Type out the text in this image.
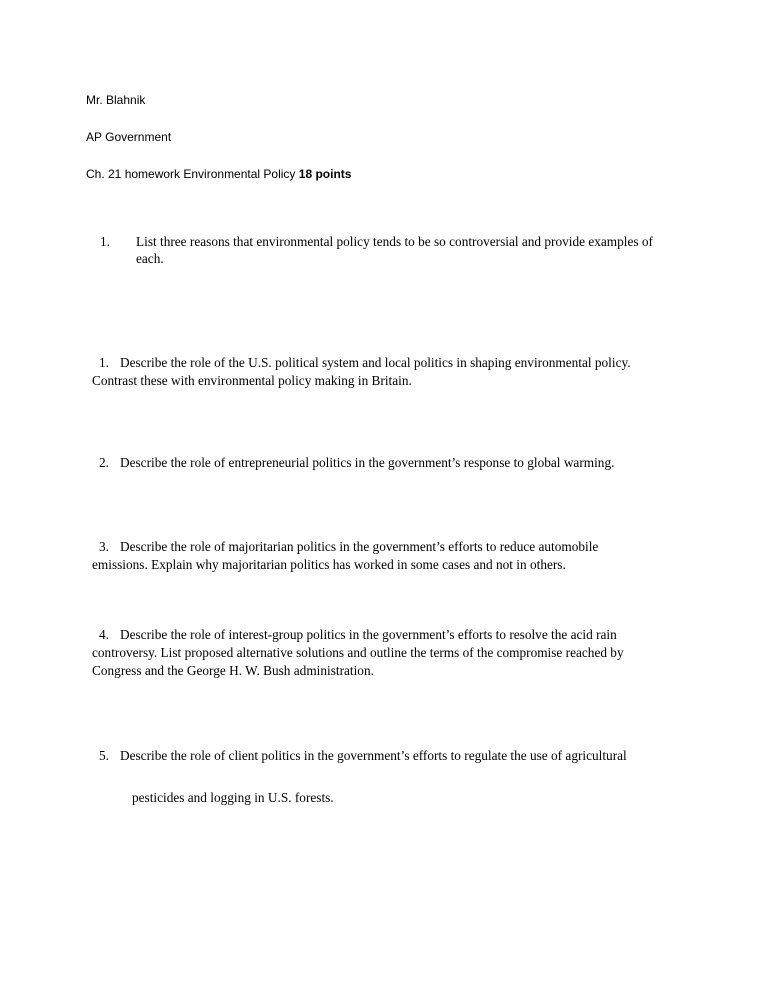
Mr. Blahnik
AP Government
Ch. 21 homework Environmental Policy 18 points
1. List three reasons that environmental policy tends to be so controversial and provide examples of
each.
1. Describe the role of the U.S. political system and local politics in shaping environmental policy.
Contrast these with environmental policy making in Britain.
2. Describe the role of entrepreneurial politics in the government’s response to global warming.
3. Describe the role of majoritarian politics in the government’s efforts to reduce automobile
emissions. Explain why majoritarian politics has worked in some cases and not in others.
4. Describe the role of interest-group politics in the government’s efforts to resolve the acid rain
controversy. List proposed alternative solutions and outline the terms of the compromise reached by
Congress and the George H. W. Bush administration.
5. Describe the role of client politics in the government’s efforts to regulate the use of agricultural
pesticides and logging in U.S. forests.
